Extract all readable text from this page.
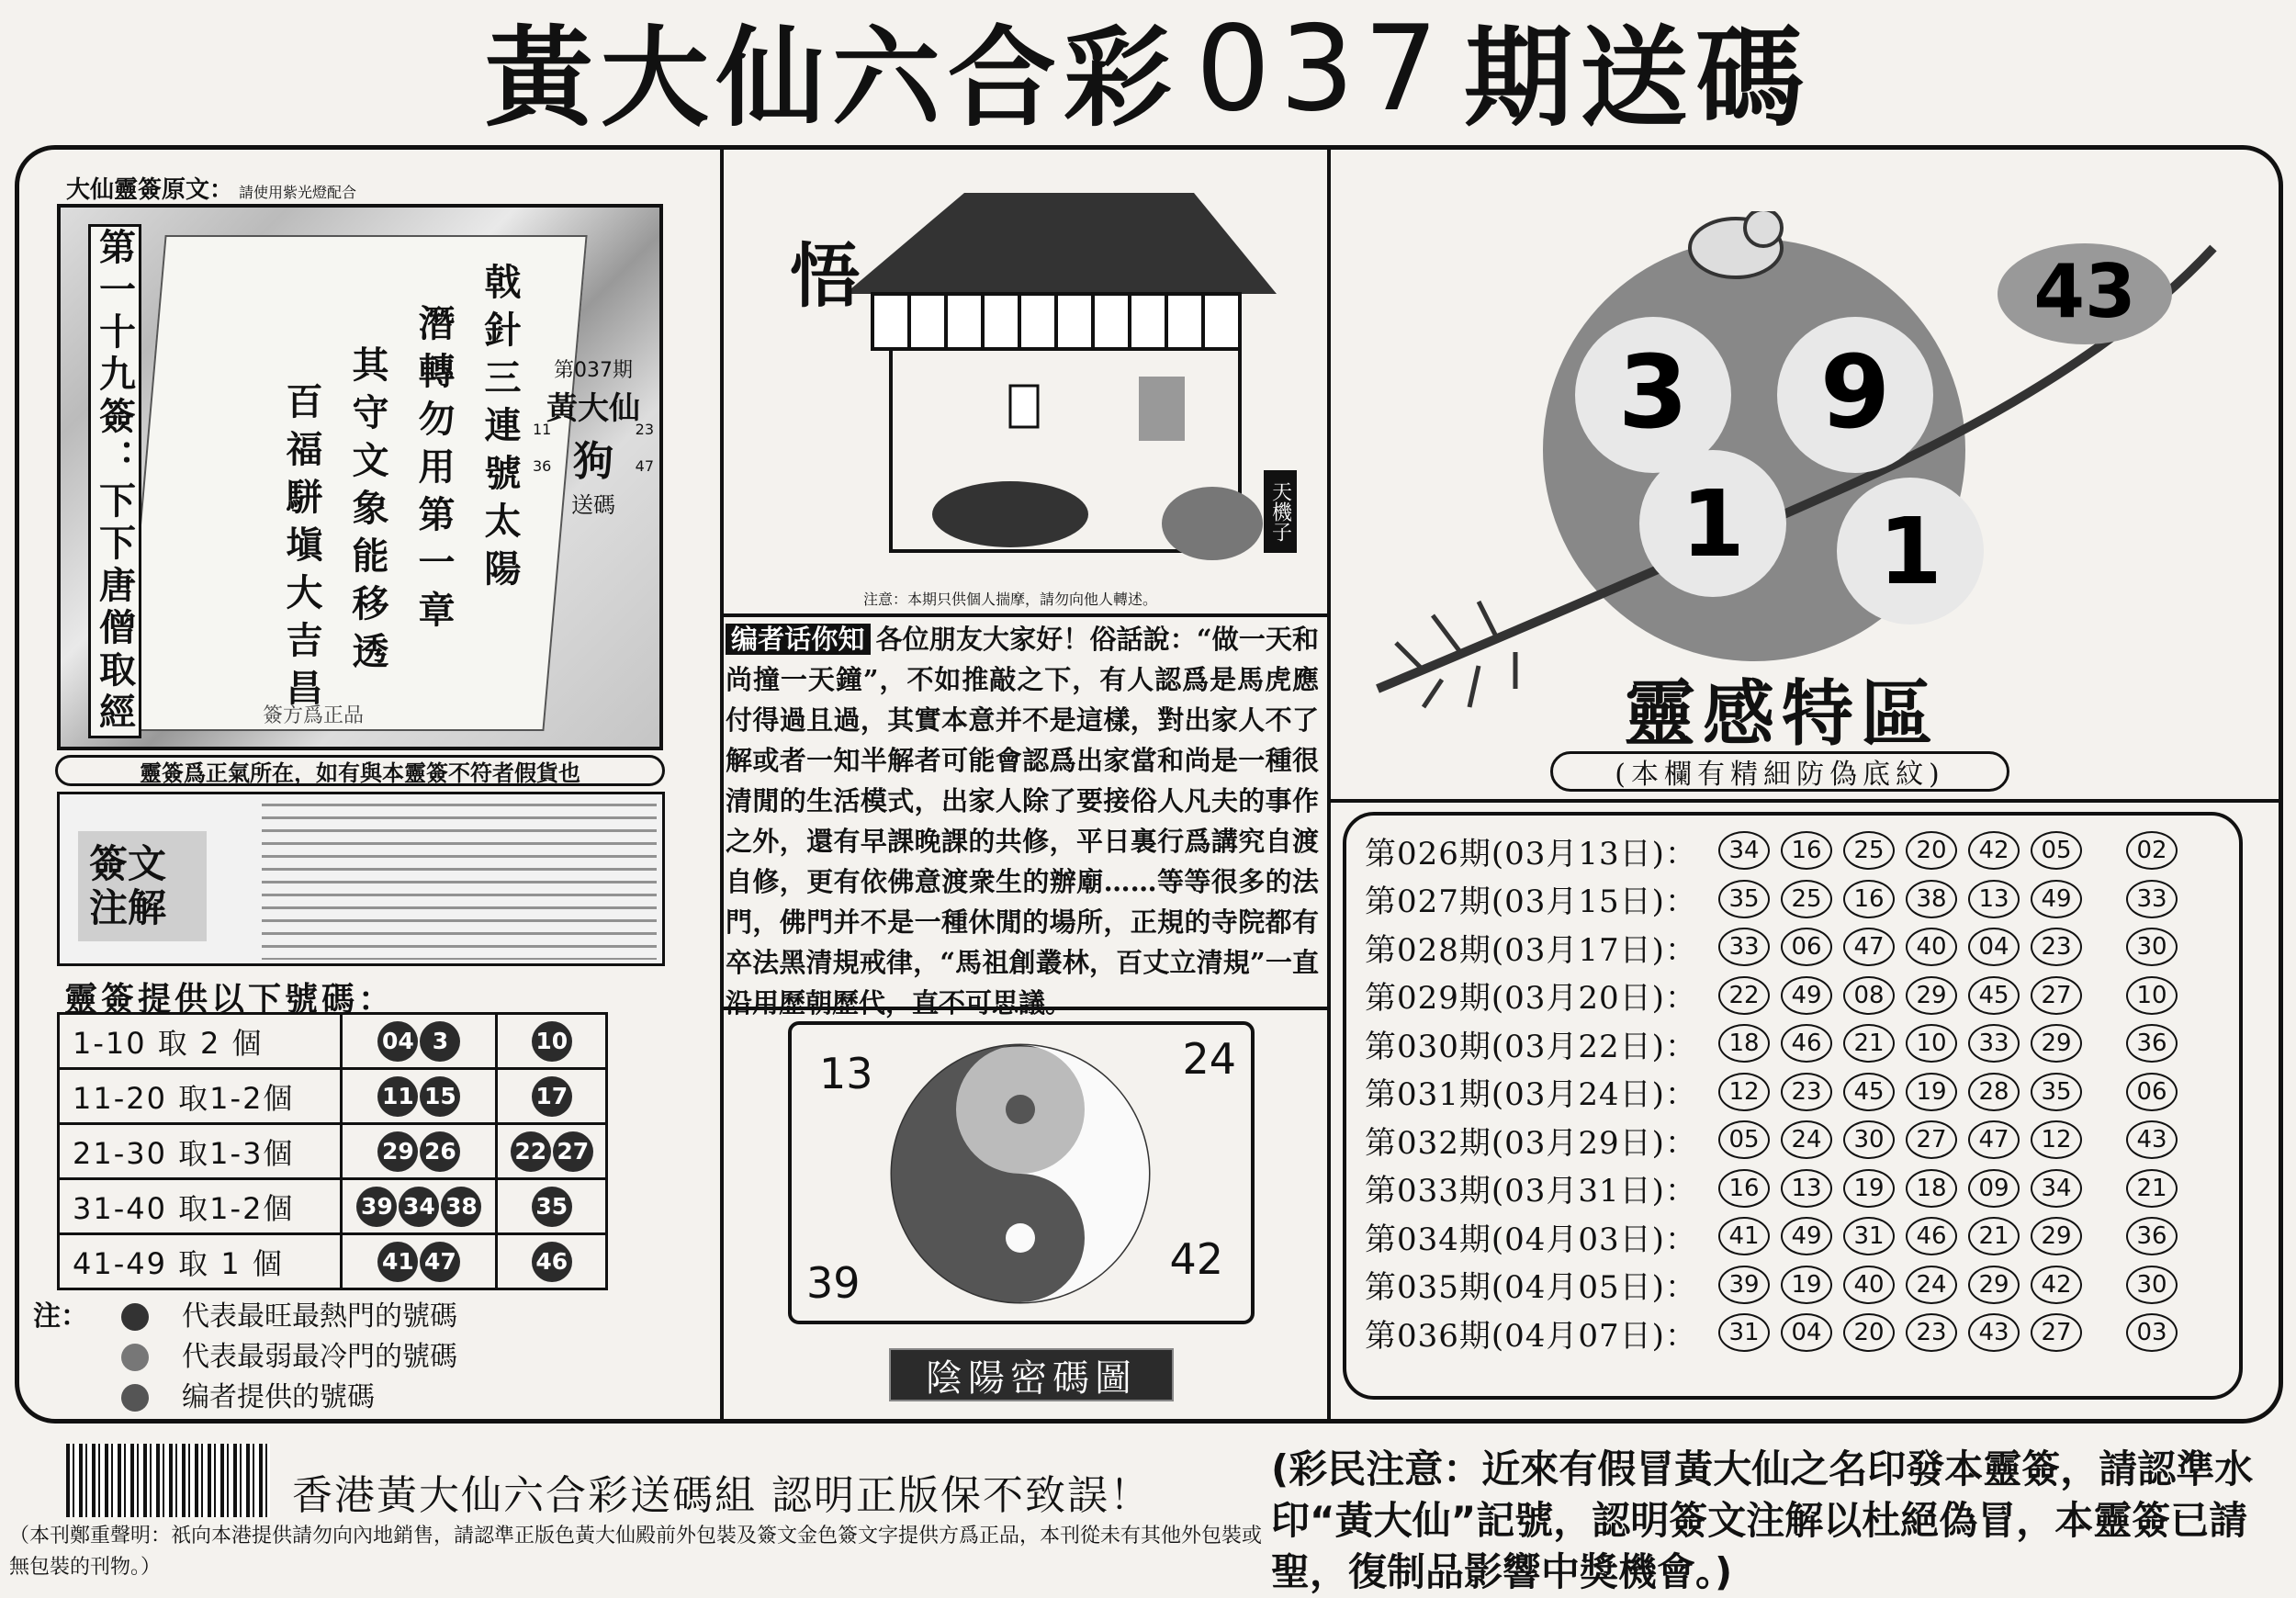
黃大仙六合彩 037 期送碼
大仙靈簽原文： 請使用紫光燈配合
第一十九簽：下下唐僧取經	戟針三連號太陽
潛轉勿用第一章
其守文象能移透
百福駢塡大吉昌
第037期
黃大仙
狗
送碼
11	23
36	47
簽方爲正品
靈簽爲正氣所在，如有與本靈簽不符者假貨也
簽文注解
靈簽提供以下號碼：
1-10 取 2 個	04 3	10
11-20 取1-2個	11 15	17
21-30 取1-3個	29 26	22 27
31-40 取1-2個	39 34 38	35
41-49 取 1 個	41 47	46
注：	代表最旺最熱門的號碼
代表最弱最冷門的號碼
编者提供的號碼
悟
天機子
注意：本期只供個人揣摩，請勿向他人轉述。
编者话你知 各位朋友大家好！俗話說：“做一天和尚撞一天鐘”，不如推敲之下，有人認爲是馬虎應付得過且過，其實本意并不是這樣，對出家人不了解或者一知半解者可能會認爲出家當和尚是一種很清閒的生活模式，出家人除了要接俗人凡夫的事作之外，還有早課晚課的共修，平日裏行爲講究自渡自修，更有依佛意渡衆生的辦廟……等等很多的法門，佛門并不是一種休閒的場所，正規的寺院都有卒法黑清規戒律，“馬祖創叢林，百丈立清規”一直沿用歷朝歷代，直不可思議。
13	24
39	42
陰陽密碼圖
3 9
1 1
43
靈感特區
(本欄有精細防偽底紋)
第026期(03月13日)：	34	16	25	20	42	05	02
第027期(03月15日)：	35	25	16	38	13	49	33
第028期(03月17日)：	33	06	47	40	04	23	30
第029期(03月20日)：	22	49	08	29	45	27	10
第030期(03月22日)：	18	46	21	10	33	29	36
第031期(03月24日)：	12	23	45	19	28	35	06
第032期(03月29日)：	05	24	30	27	47	12	43
第033期(03月31日)：	16	13	19	18	09	34	21
第034期(04月03日)：	41	49	31	46	21	29	36
第035期(04月05日)：	39	19	40	24	29	42	30
第036期(04月07日)：	31	04	20	23	43	27	03
香港黃大仙六合彩送碼組 認明正版保不致誤！
（本刊鄭重聲明：祇向本港提供請勿向內地銷售，請認準正版色黃大仙殿前外包裝及簽文金色簽文字提供方爲正品，本刊從未有其他外包裝或無包裝的刊物。）
(彩民注意：近來有假冒黃大仙之名印發本靈簽，請認準水印“黃大仙”記號，認明簽文注解以杜絕偽冒，本靈簽已請聖，復制品影響中獎機會。)
